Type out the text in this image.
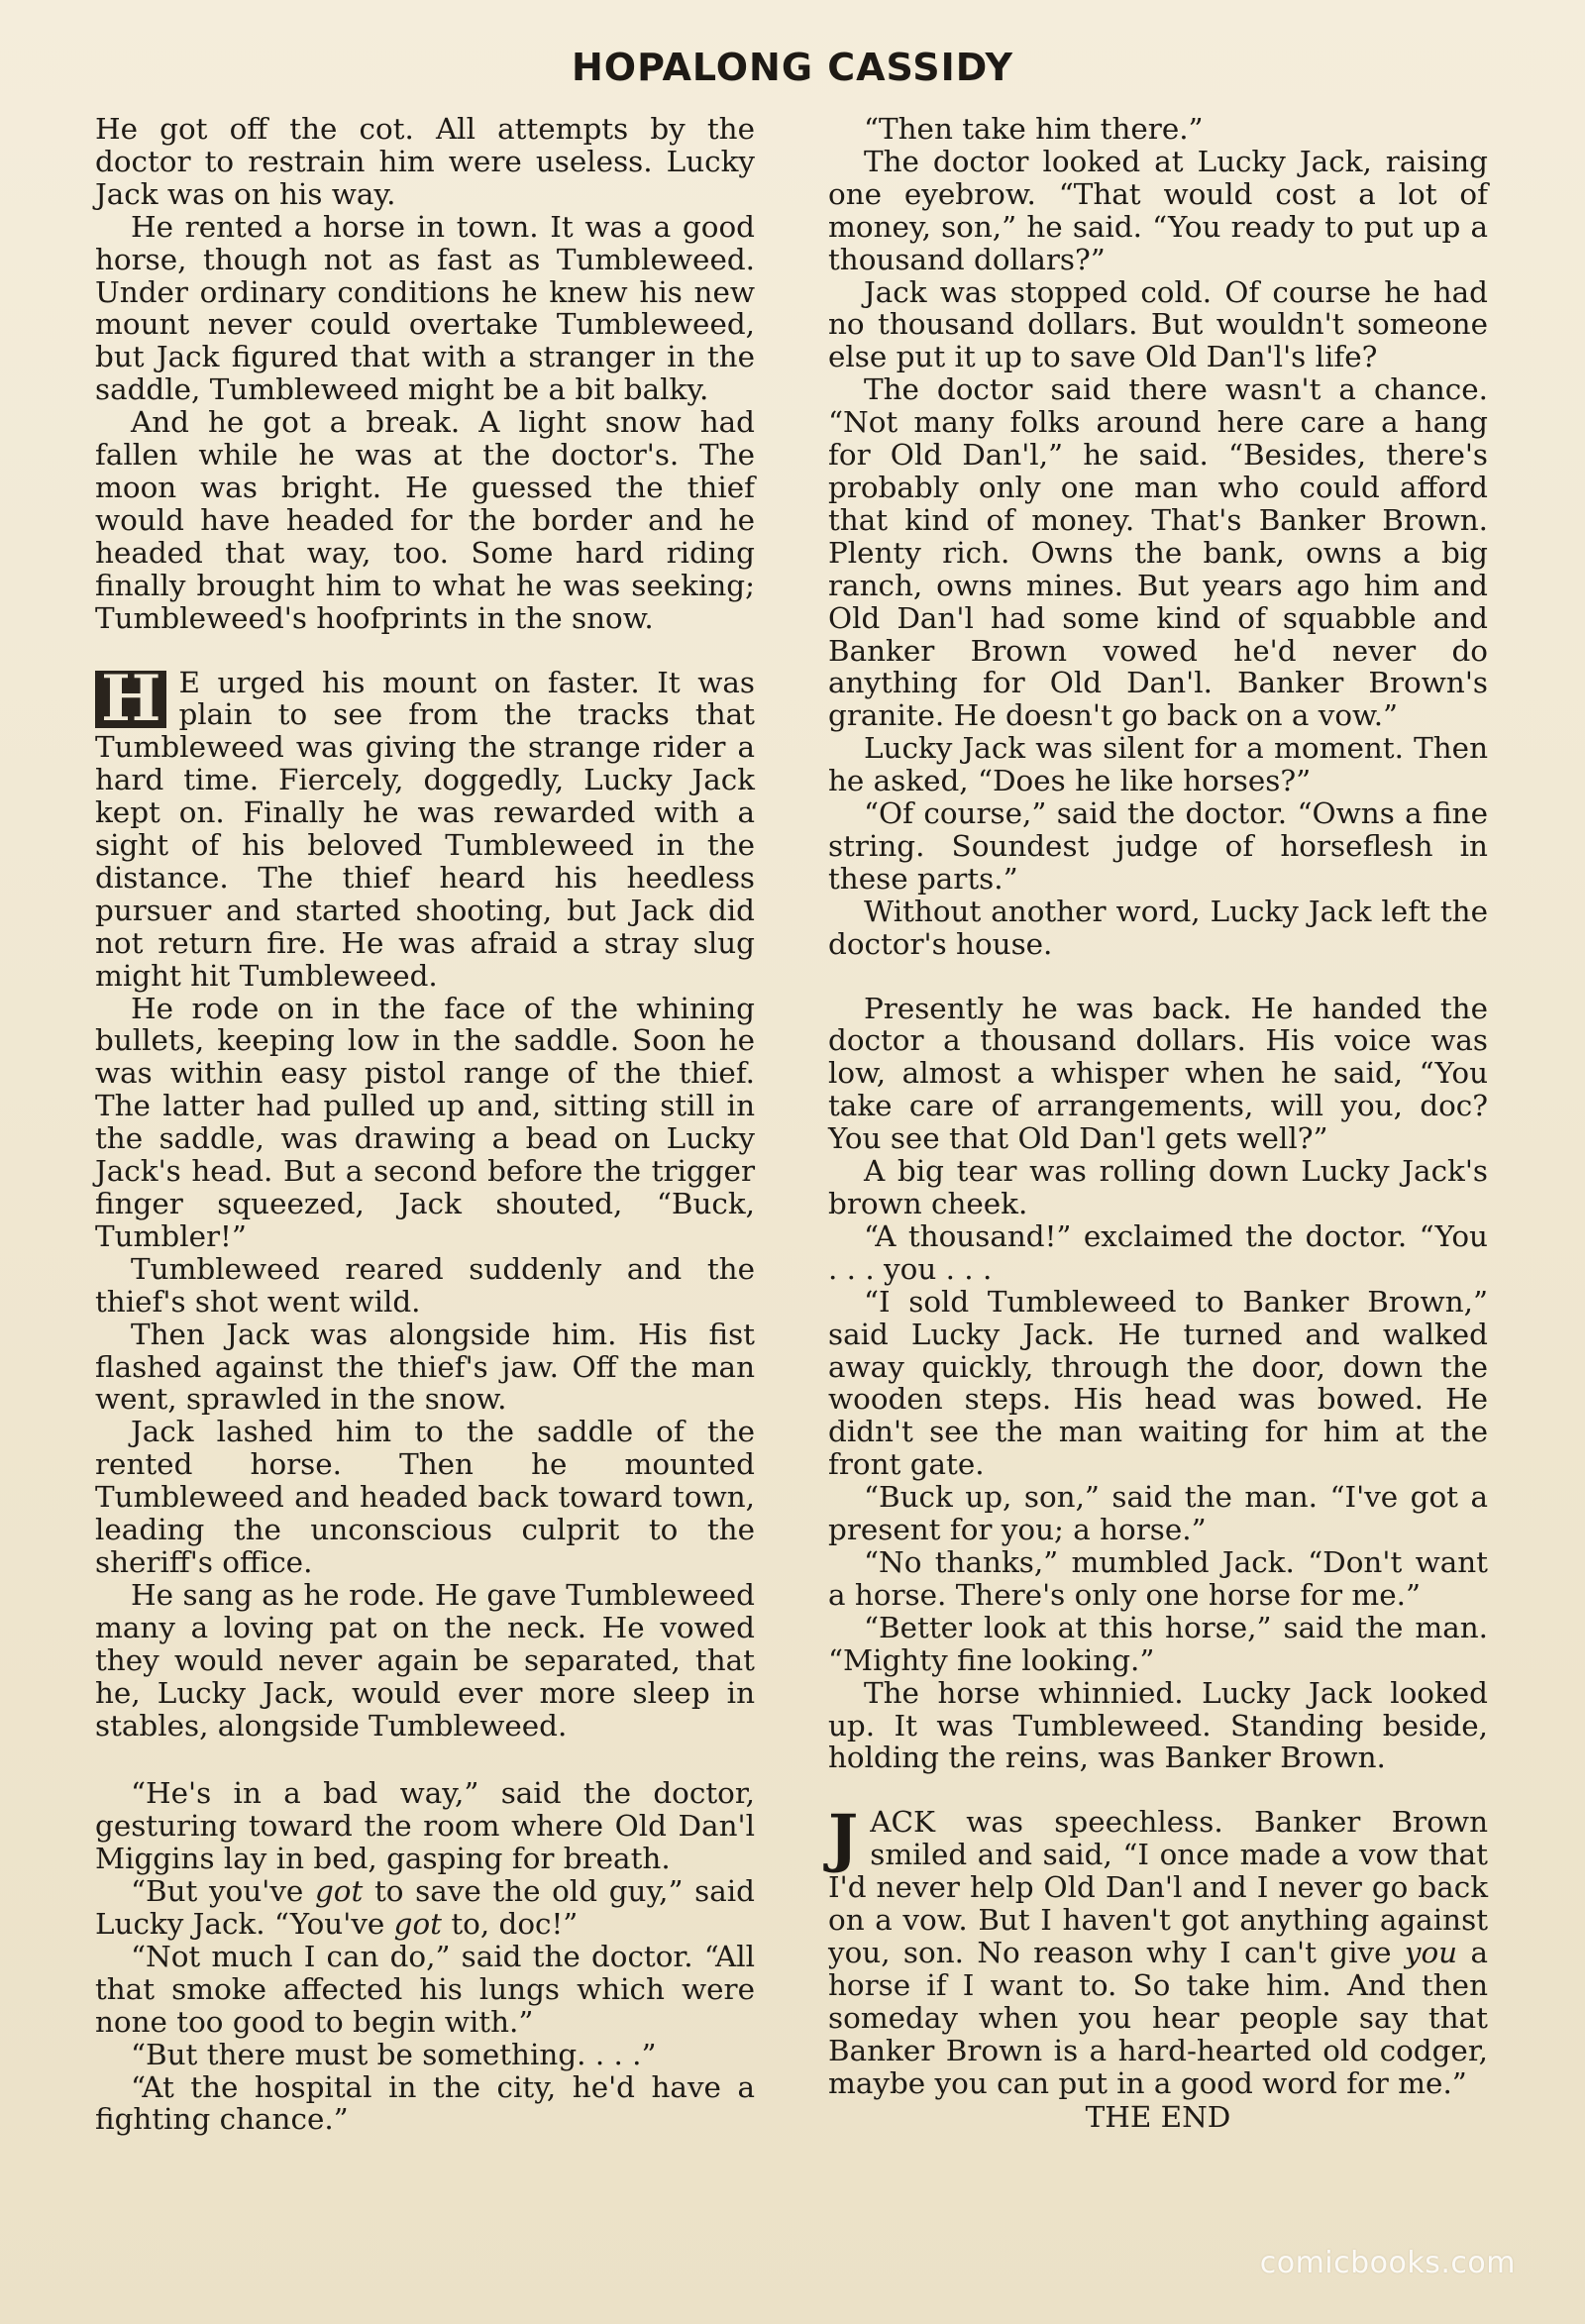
HOPALONG CASSIDY

He got off the cot. All attempts by the doctor to restrain him were useless. Lucky Jack was on his way.

He rented a horse in town. It was a good horse, though not as fast as Tumbleweed. Under ordinary conditions he knew his new mount never could overtake Tumbleweed, but Jack figured that with a stranger in the saddle, Tumbleweed might be a bit balky.

And he got a break. A light snow had fallen while he was at the doctor's. The moon was bright. He guessed the thief would have headed for the border and he headed that way, too. Some hard riding finally brought him to what he was seeking; Tumbleweed's hoofprints in the snow.

H E urged his mount on faster. It was plain to see from the tracks that Tumbleweed was giving the strange rider a hard time. Fiercely, doggedly, Lucky Jack kept on. Finally he was rewarded with a sight of his beloved Tumbleweed in the distance. The thief heard his heedless pursuer and started shooting, but Jack did not return fire. He was afraid a stray slug might hit Tumbleweed.

He rode on in the face of the whining bullets, keeping low in the saddle. Soon he was within easy pistol range of the thief. The latter had pulled up and, sitting still in the saddle, was drawing a bead on Lucky Jack's head. But a second before the trigger finger squeezed, Jack shouted, “Buck, Tumbler!”

Tumbleweed reared suddenly and the thief's shot went wild.

Then Jack was alongside him. His fist flashed against the thief's jaw. Off the man went, sprawled in the snow.

Jack lashed him to the saddle of the rented horse. Then he mounted Tumbleweed and headed back toward town, leading the unconscious culprit to the sheriff's office.

He sang as he rode. He gave Tumbleweed many a loving pat on the neck. He vowed they would never again be separated, that he, Lucky Jack, would ever more sleep in stables, alongside Tumbleweed.

“He's in a bad way,” said the doctor, gesturing toward the room where Old Dan'l Miggins lay in bed, gasping for breath.

“But you've got to save the old guy,” said Lucky Jack. “You've got to, doc!”

“Not much I can do,” said the doctor. “All that smoke affected his lungs which were none too good to begin with.”

“But there must be something. . . .”

“At the hospital in the city, he'd have a fighting chance.”

“Then take him there.”

The doctor looked at Lucky Jack, raising one eyebrow. “That would cost a lot of money, son,” he said. “You ready to put up a thousand dollars?”

Jack was stopped cold. Of course he had no thousand dollars. But wouldn't someone else put it up to save Old Dan'l's life?

The doctor said there wasn't a chance. “Not many folks around here care a hang for Old Dan'l,” he said. “Besides, there's probably only one man who could afford that kind of money. That's Banker Brown. Plenty rich. Owns the bank, owns a big ranch, owns mines. But years ago him and Old Dan'l had some kind of squabble and Banker Brown vowed he'd never do anything for Old Dan'l. Banker Brown's granite. He doesn't go back on a vow.”

Lucky Jack was silent for a moment. Then he asked, “Does he like horses?”

“Of course,” said the doctor. “Owns a fine string. Soundest judge of horseflesh in these parts.”

Without another word, Lucky Jack left the doctor's house.

Presently he was back. He handed the doctor a thousand dollars. His voice was low, almost a whisper when he said, “You take care of arrangements, will you, doc? You see that Old Dan'l gets well?”

A big tear was rolling down Lucky Jack's brown cheek.

“A thousand!” exclaimed the doctor. “You . . . you . . .

“I sold Tumbleweed to Banker Brown,” said Lucky Jack. He turned and walked away quickly, through the door, down the wooden steps. His head was bowed. He didn't see the man waiting for him at the front gate.

“Buck up, son,” said the man. “I've got a present for you; a horse.”

“No thanks,” mumbled Jack. “Don't want a horse. There's only one horse for me.”

“Better look at this horse,” said the man. “Mighty fine looking.”

The horse whinnied. Lucky Jack looked up. It was Tumbleweed. Standing beside, holding the reins, was Banker Brown.

JACK was speechless. Banker Brown smiled and said, “I once made a vow that I'd never help Old Dan'l and I never go back on a vow. But I haven't got anything against you, son. No reason why I can't give you a horse if I want to. So take him. And then someday when you hear people say that Banker Brown is a hard-hearted old codger, maybe you can put in a good word for me.”

THE END

comicbooks.com
